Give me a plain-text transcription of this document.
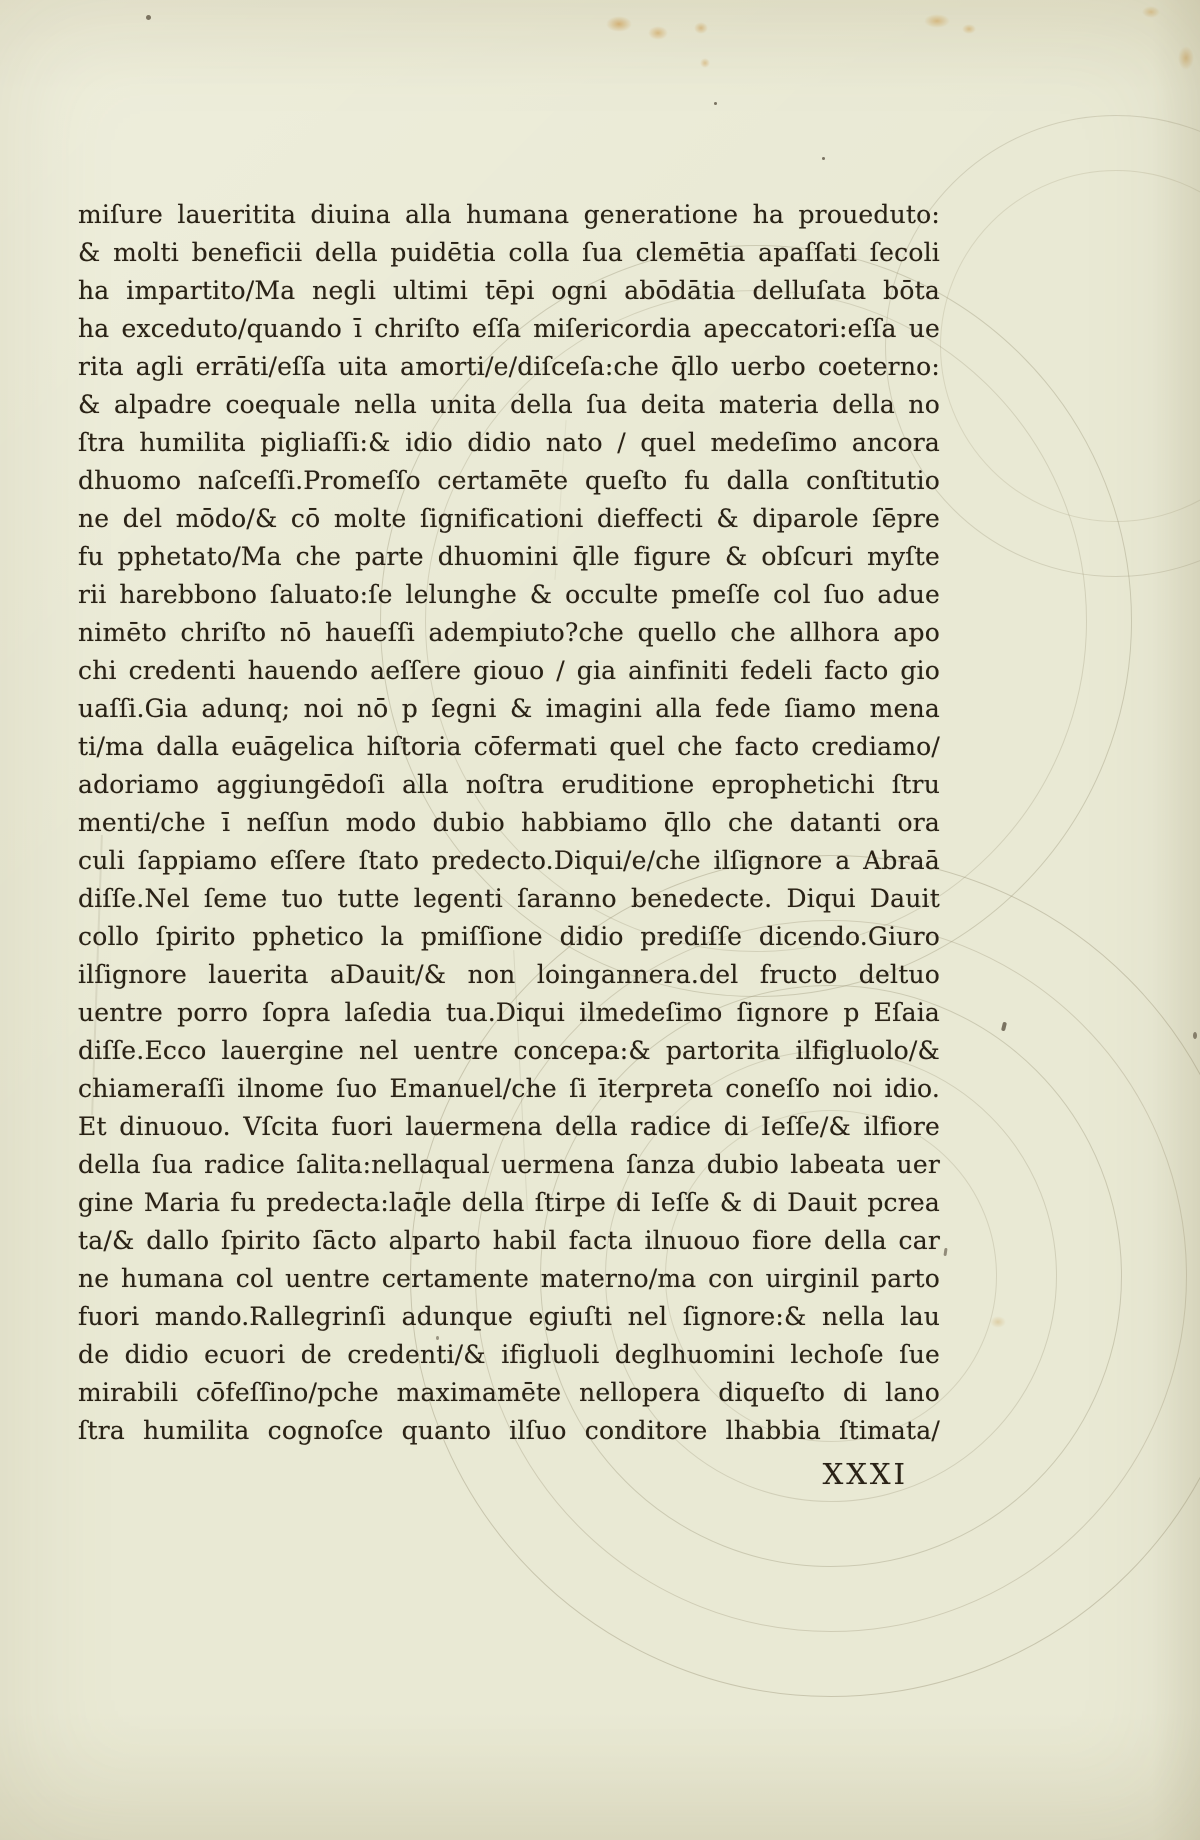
miſure laueritita diuina alla humana generatione ha proueduto:
& molti beneficii della puidētia colla ſua clemētia apaſſati ſecoli
ha impartito/Ma negli ultimi tēpi ogni abōdātia delluſata bōta
ha exceduto/quando ī chriſto eſſa miſericordia apeccatori:eſſa ue
rita agli errāti/eſſa uita amorti/e/diſceſa:che q̄llo uerbo coeterno:
& alpadre coequale nella unita della ſua deita materia della no
ſtra humilita pigliaſſi:& idio didio nato / quel medeſimo ancora
dhuomo naſceſſi.Promeſſo certamēte queſto fu dalla conſtitutio
ne del mōdo/& cō molte ſignificationi dieffecti & diparole ſēpre
fu pphetato/Ma che parte dhuomini q̄lle figure & obſcuri myſte
rii harebbono ſaluato:ſe lelunghe & occulte pmeſſe col ſuo adue
nimēto chriſto nō haueſſi adempiuto?che quello che allhora apo
chi credenti hauendo aeſſere giouo / gia ainfiniti fedeli facto gio
uaſſi.Gia adunq; noi nō p ſegni & imagini alla fede ſiamo mena
ti/ma dalla euāgelica hiſtoria cōfermati quel che facto crediamo/
adoriamo aggiungēdoſi alla noſtra eruditione eprophetichi ſtru
menti/che ī neſſun modo dubio habbiamo q̄llo che datanti ora
culi ſappiamo eſſere ſtato predecto.Diqui/e/che ilſignore a Abraā
diſſe.Nel ſeme tuo tutte legenti ſaranno benedecte. Diqui Dauit
collo ſpirito pphetico la pmiſſione didio prediſſe dicendo.Giuro
ilſignore lauerita aDauit/& non loingannera.del fructo deltuo
uentre porro ſopra laſedia tua.Diqui ilmedeſimo ſignore p Eſaia
diſſe.Ecco lauergine nel uentre concepa:& partorita ilfigluolo/&
chiameraſſi ilnome ſuo Emanuel/che ſi īterpreta coneſſo noi idio.
Et dinuouo. Vſcita fuori lauermena della radice di Ieſſe/& ilfiore
della ſua radice ſalita:nellaqual uermena ſanza dubio labeata uer
gine Maria fu predecta:laq̄le della ſtirpe di Ieſſe & di Dauit pcrea
ta/& dallo ſpirito ſācto alparto habil facta ilnuouo fiore della car
ne humana col uentre certamente materno/ma con uirginil parto
fuori mando.Rallegrinſi adunque egiuſti nel ſignore:& nella lau
de didio ecuori de credenti/& ifigluoli deglhuomini lechoſe ſue
mirabili cōfeſſino/pche maximamēte nellopera diqueſto di lano
ſtra humilita cognoſce quanto ilſuo conditore lhabbia ſtimata/
XXXI
